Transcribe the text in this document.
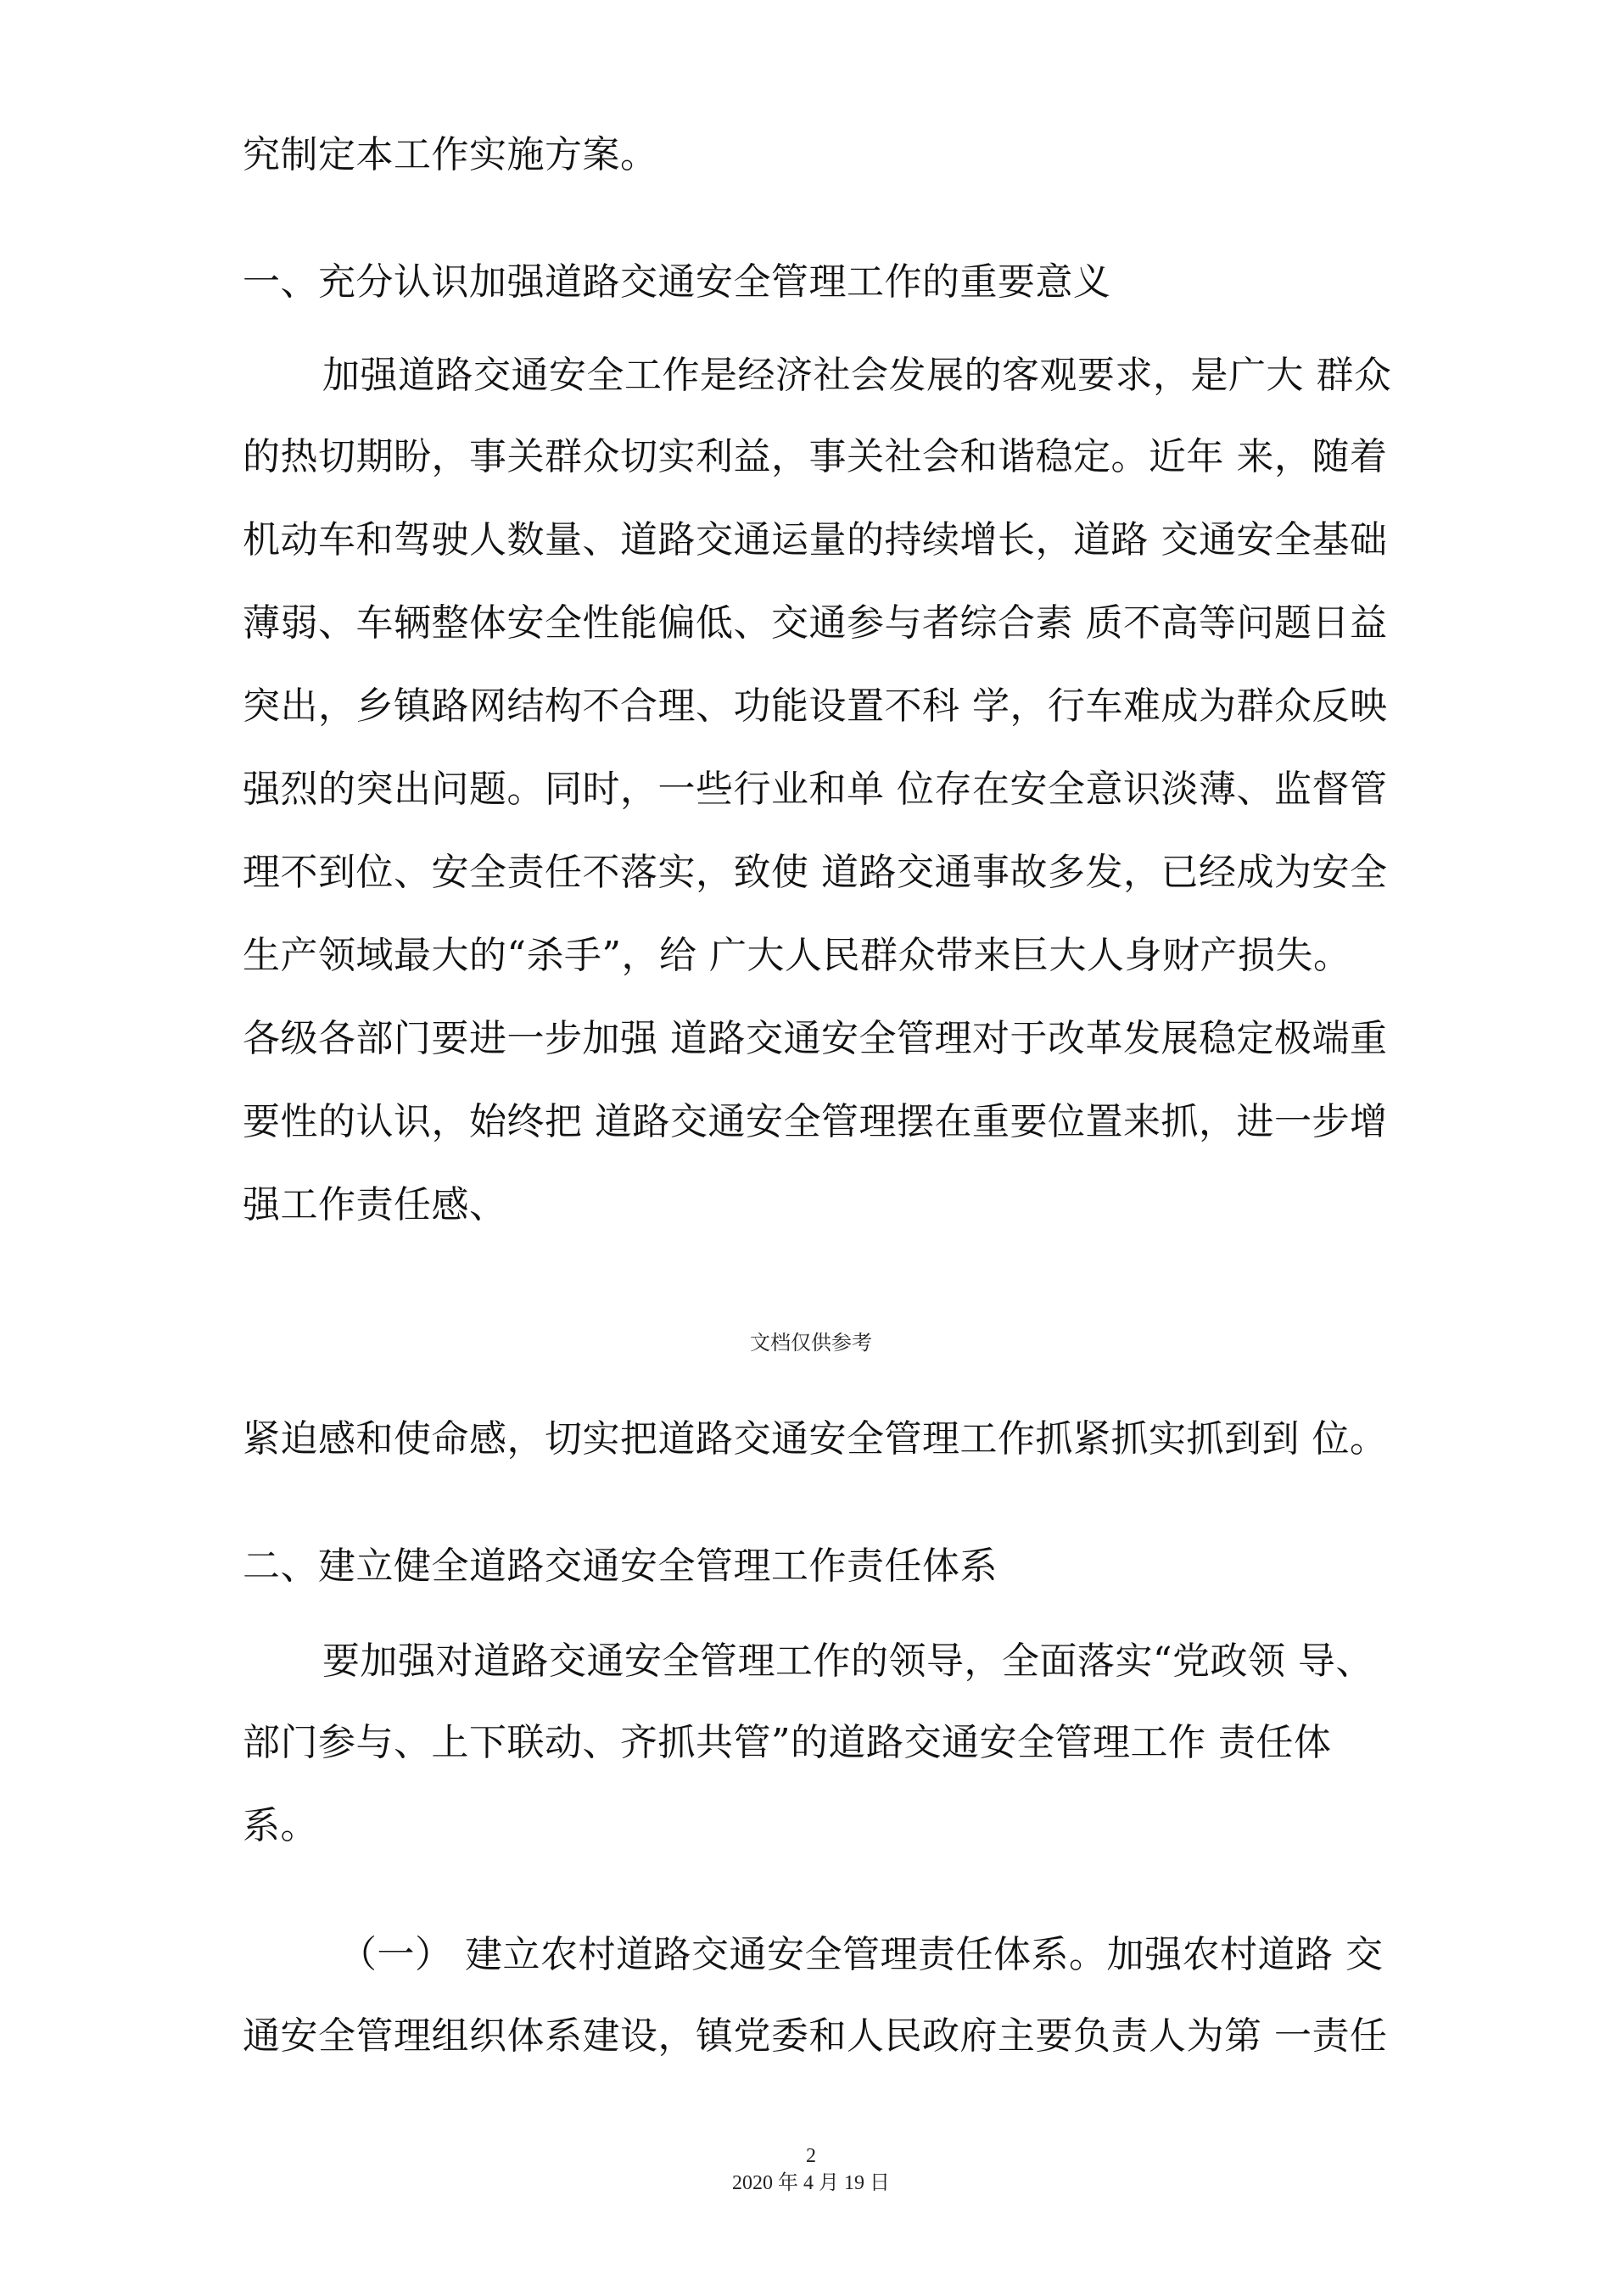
究制定本工作实施方案。
一、充分认识加强道路交通安全管理工作的重要意义
加强道路交通安全工作是经济社会发展的客观要求，是广大 群众
的热切期盼，事关群众切实利益，事关社会和谐稳定。近年 来，随着
机动车和驾驶人数量、道路交通运量的持续增长，道路 交通安全基础
薄弱、车辆整体安全性能偏低、交通参与者综合素 质不高等问题日益
突出，乡镇路网结构不合理、功能设置不科 学，行车难成为群众反映
强烈的突出问题。同时，一些行业和单 位存在安全意识淡薄、监督管
理不到位、安全责任不落实，致使 道路交通事故多发，已经成为安全
生产领域最大的“杀手”，给 广大人民群众带来巨大人身财产损失。
各级各部门要进一步加强 道路交通安全管理对于改革发展稳定极端重
要性的认识，始终把 道路交通安全管理摆在重要位置来抓，进一步增
强工作责任感、
文档仅供参考
紧迫感和使命感，切实把道路交通安全管理工作抓紧抓实抓到到 位。
二、建立健全道路交通安全管理工作责任体系
要加强对道路交通安全管理工作的领导，全面落实“党政领 导、
部门参与、上下联动、齐抓共管”的道路交通安全管理工作 责任体
系。
（一） 建立农村道路交通安全管理责任体系。加强农村道路 交
通安全管理组织体系建设，镇党委和人民政府主要负责人为第 一责任
2
2020 年 4 月 19 日
